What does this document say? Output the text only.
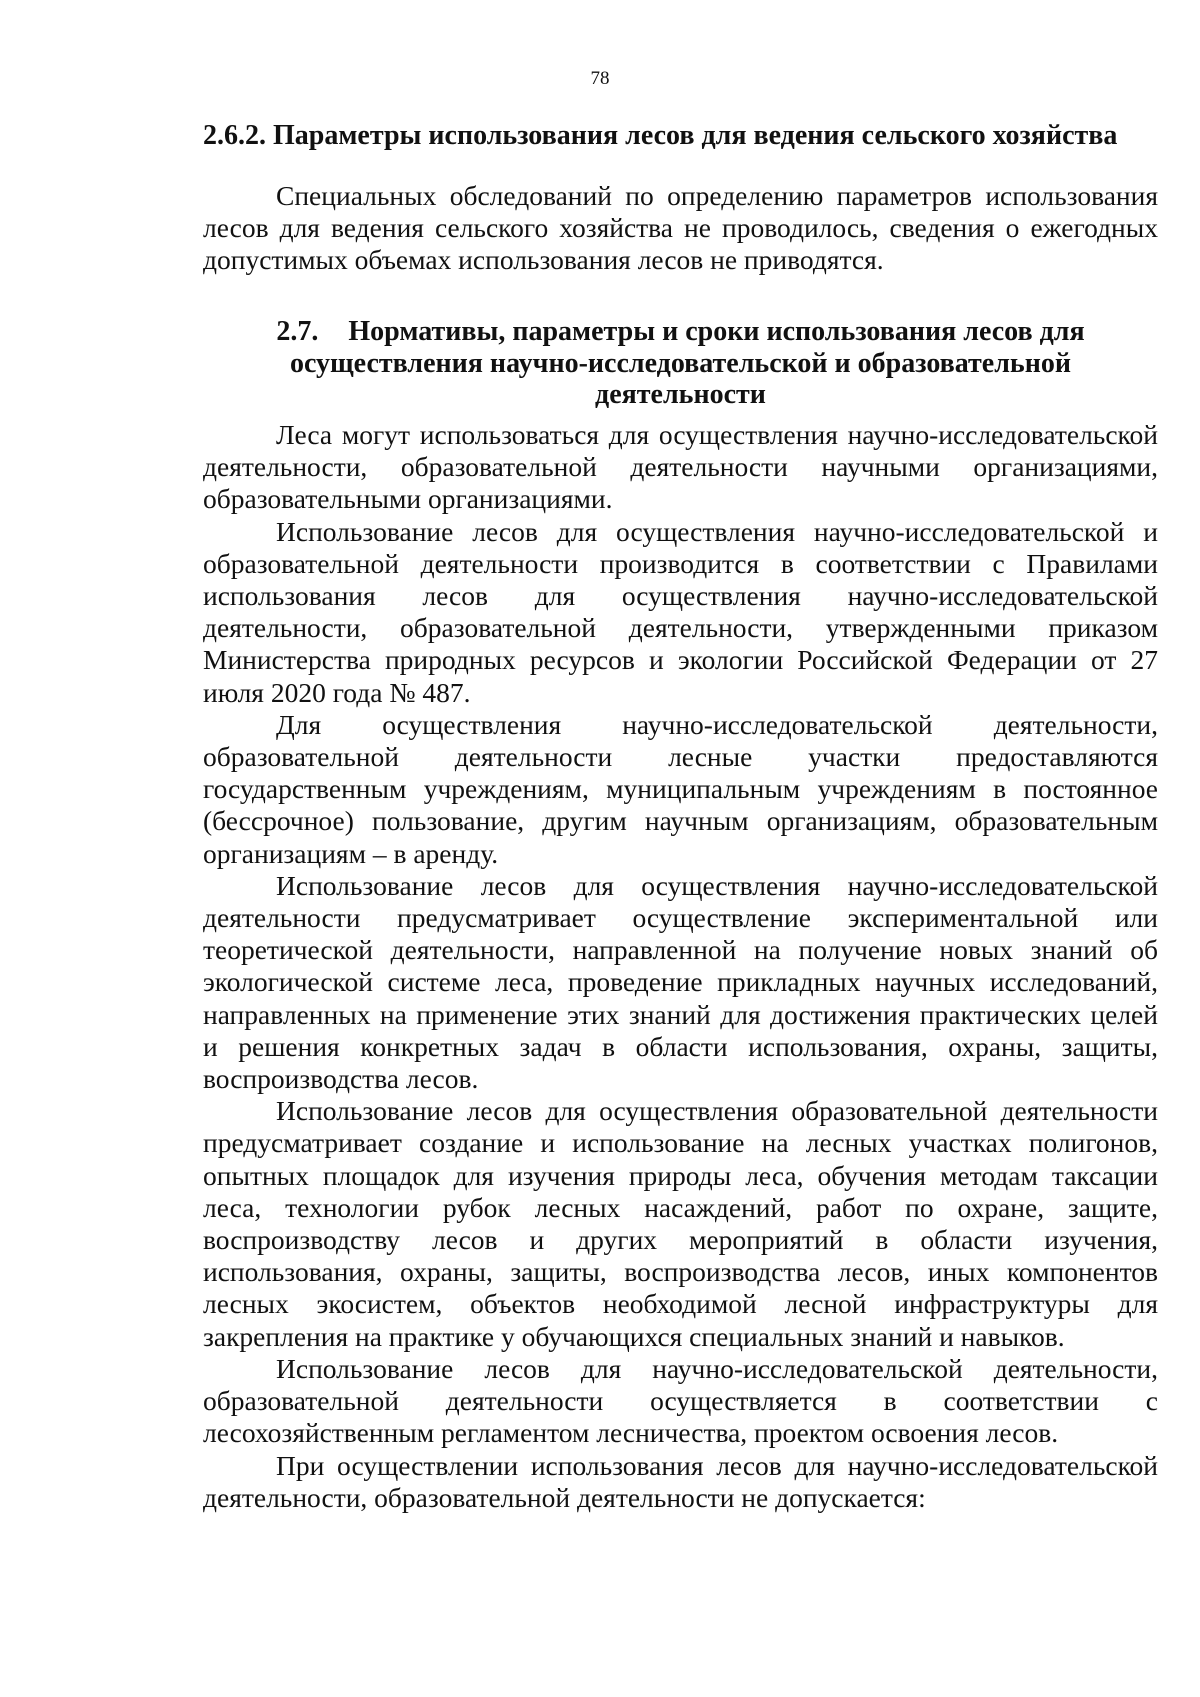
78
2.6.2. Параметры использования лесов для ведения сельского хозяйства

Специальных обследований по определению параметров использования лесов для ведения сельского хозяйства не проводилось, сведения о ежегодных допустимых объемах использования лесов не приводятся.

2.7. Нормативы, параметры и сроки использования лесов для
осуществления научно-исследовательской и образовательной
деятельности

Леса могут использоваться для осуществления научно-исследовательской деятельности, образовательной деятельности научными организациями, образовательными организациями.

Использование лесов для осуществления научно-исследовательской и образовательной деятельности производится в соответствии с Правилами использования лесов для осуществления научно-исследовательской деятельности, образовательной деятельности, утвержденными приказом Министерства природных ресурсов и экологии Российской Федерации от 27 июля 2020 года № 487.

Для осуществления научно-исследовательской деятельности, образовательной деятельности лесные участки предоставляются государственным учреждениям, муниципальным учреждениям в постоянное (бессрочное) пользование, другим научным организациям, образовательным организациям – в аренду.

Использование лесов для осуществления научно-исследовательской деятельности предусматривает осуществление экспериментальной или теоретической деятельности, направленной на получение новых знаний об экологической системе леса, проведение прикладных научных исследований, направленных на применение этих знаний для достижения практических целей и решения конкретных задач в области использования, охраны, защиты, воспроизводства лесов.

Использование лесов для осуществления образовательной деятельности предусматривает создание и использование на лесных участках полигонов, опытных площадок для изучения природы леса, обучения методам таксации леса, технологии рубок лесных насаждений, работ по охране, защите, воспроизводству лесов и других мероприятий в области изучения, использования, охраны, защиты, воспроизводства лесов, иных компонентов лесных экосистем, объектов необходимой лесной инфраструктуры для закрепления на практике у обучающихся специальных знаний и навыков.

Использование лесов для научно-исследовательской деятельности, образовательной деятельности осуществляется в соответствии с лесохозяйственным регламентом лесничества, проектом освоения лесов.

При осуществлении использования лесов для научно-исследовательской деятельности, образовательной деятельности не допускается:
